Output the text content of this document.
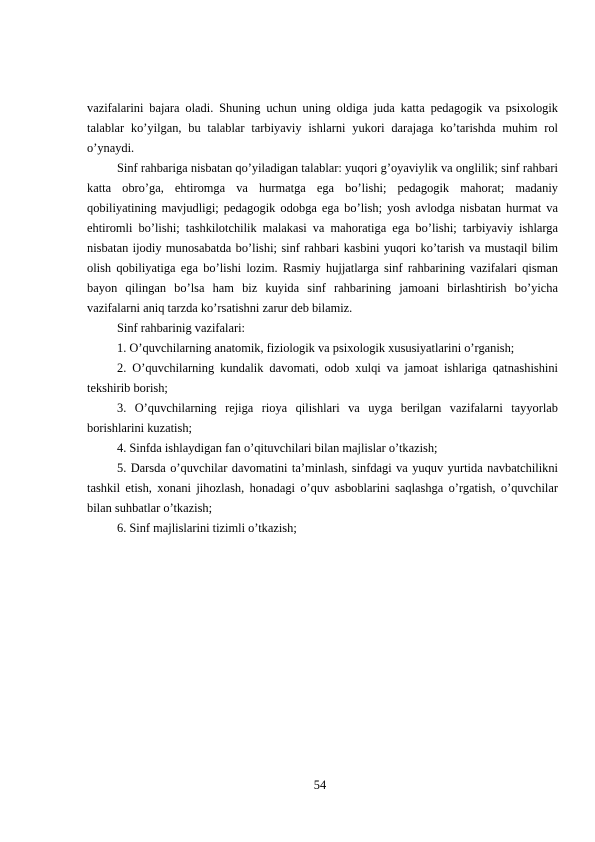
vazifalarini bajara oladi. Shuning uchun uning oldiga juda katta pedagogik va psixologik talablar ko’yilgan, bu talablar tarbiyaviy ishlarni yukori darajaga ko’tarishda muhim rol o’ynaydi.

Sinf rahbariga nisbatan qo’yiladigan talablar: yuqori g’oyaviylik va onglilik; sinf rahbari katta obro’ga, ehtiromga va hurmatga ega bo’lishi; pedagogik mahorat; madaniy qobiliyatining mavjudligi; pedagogik odobga ega bo’lish; yosh avlodga nisbatan hurmat va ehtiromli bo’lishi; tashkilotchilik malakasi va mahoratiga ega bo’lishi; tarbiyaviy ishlarga nisbatan ijodiy munosabatda bo’lishi; sinf rahbari kasbini yuqori ko’tarish va mustaqil bilim olish qobiliyatiga ega bo’lishi lozim. Rasmiy hujjatlarga sinf rahbarining vazifalari qisman bayon qilingan bo’lsa ham biz kuyida sinf rahbarining jamoani birlashtirish bo’yicha vazifalarni aniq tarzda ko’rsatishni zarur deb bilamiz.

Sinf rahbarinig vazifalari:

1. O’quvchilarning anatomik, fiziologik va psixologik xususiyatlarini o’rganish;

2. O’quvchilarning kundalik davomati, odob xulqi va jamoat ishlariga qatnashishini tekshirib borish;

3. O’quvchilarning rejiga rioya qilishlari va uyga berilgan vazifalarni tayyorlab borishlarini kuzatish;

4. Sinfda ishlaydigan fan o’qituvchilari bilan majlislar o’tkazish;

5. Darsda o’quvchilar davomatini ta’minlash, sinfdagi va yuquv yurtida navbatchilikni tashkil etish, xonani jihozlash, honadagi o’quv asboblarini saqlashga o’rgatish, o’quvchilar bilan suhbatlar o’tkazish;

6. Sinf majlislarini tizimli o’tkazish;

54
